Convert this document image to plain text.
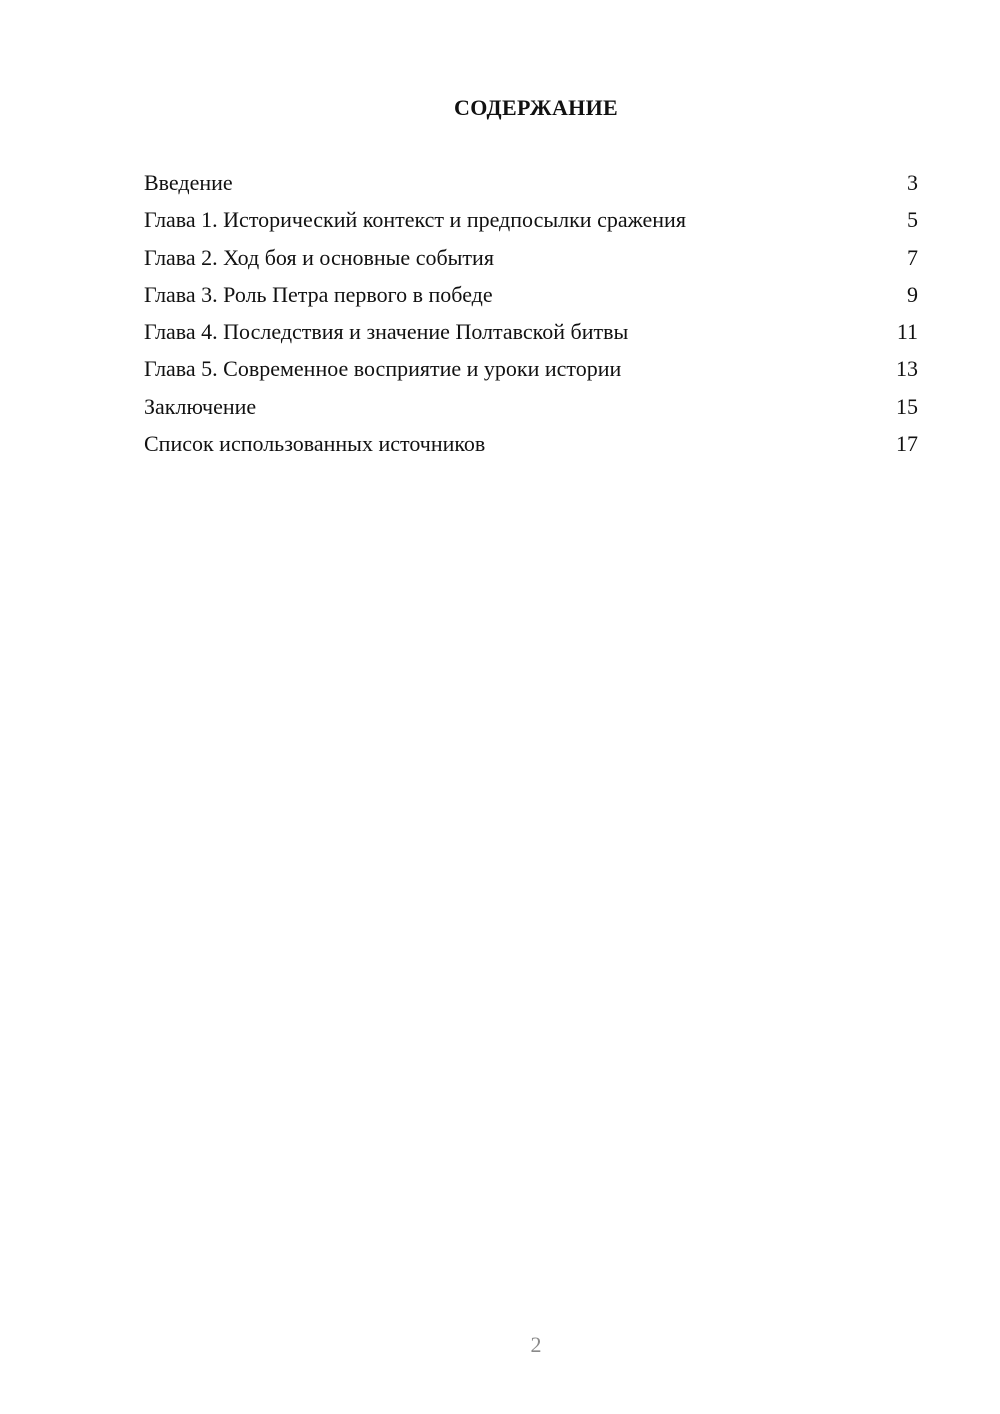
СОДЕРЖАНИЕ
Введение	3
Глава 1. Исторический контекст и предпосылки сражения	5
Глава 2. Ход боя и основные события	7
Глава 3. Роль Петра первого в победе	9
Глава 4. Последствия и значение Полтавской битвы	11
Глава 5. Современное восприятие и уроки истории	13
Заключение	15
Список использованных источников	17
2
